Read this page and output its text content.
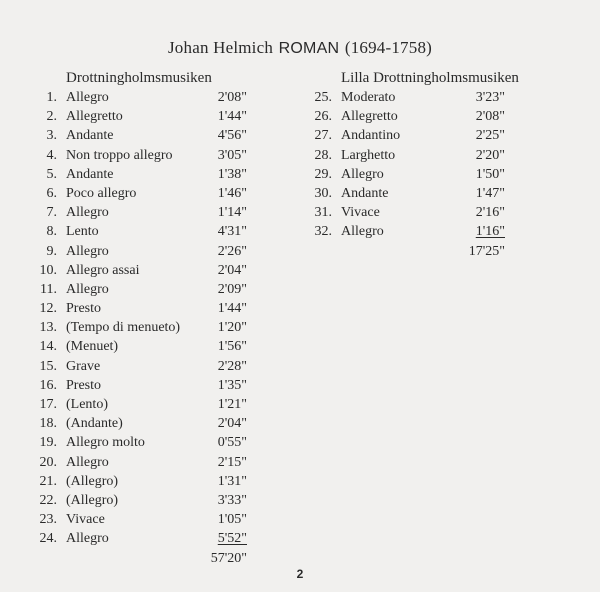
Johan Helmich ROMAN (1694-1758)
Drottningholmsmusiken
1. Allegro	2'08"
2. Allegretto	1'44"
3. Andante	4'56"
4. Non troppo allegro	3'05"
5. Andante	1'38"
6. Poco allegro	1'46"
7. Allegro	1'14"
8. Lento	4'31"
9. Allegro	2'26"
10. Allegro assai	2'04"
11. Allegro	2'09"
12. Presto	1'44"
13. (Tempo di menueto)	1'20"
14. (Menuet)	1'56"
15. Grave	2'28"
16. Presto	1'35"
17. (Lento)	1'21"
18. (Andante)	2'04"
19. Allegro molto	0'55"
20. Allegro	2'15"
21. (Allegro)	1'31"
22. (Allegro)	3'33"
23. Vivace	1'05"
24. Allegro	5'52"
57'20"
Lilla Drottningholmsmusiken
25. Moderato	3'23"
26. Allegretto	2'08"
27. Andantino	2'25"
28. Larghetto	2'20"
29. Allegro	1'50"
30. Andante	1'47"
31. Vivace	2'16"
32. Allegro	1'16"
17'25"
2
